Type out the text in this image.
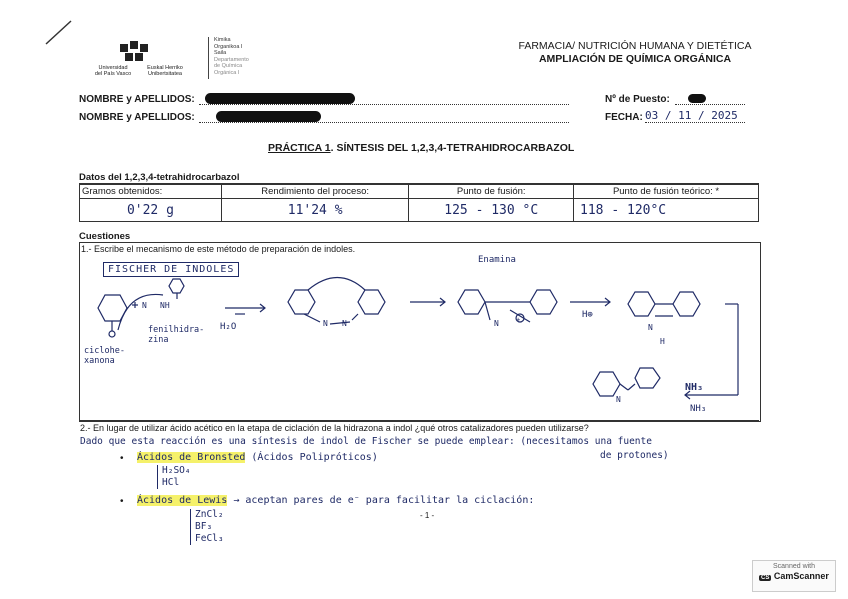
Universidad
del País Vasco
Euskal Herriko
Unibertsitatea
Kimika
Organikoa I
Saila
Departamento
de Química
Orgánica I
FARMACIA/ NUTRICIÓN HUMANA Y DIETÉTICA
AMPLIACIÓN DE QUÍMICA ORGÁNICA
NOMBRE y APELLIDOS:
NOMBRE y APELLIDOS:
Nº de Puesto:
FECHA: 03 / 11 / 2025
PRÁCTICA 1. SÍNTESIS DEL 1,2,3,4-TETRAHIDROCARBAZOL
Datos del 1,2,3,4-tetrahidrocarbazol
Gramos obtenidos:	Rendimiento del proceso:	Punto de fusión:	Punto de fusión teórico: *
0'22 g	11'24 %	125 - 130 °C	118 - 120°C
Cuestiones
1.- Escribe el mecanismo de este método de preparación de indoles.
FISCHER DE INDOLES
N NH
N N	N +
N
H
N
NH₃
Enamina
ciclohe-
xanona
fenilhidra-
zina
H₂O
H⊕
NH₃
2.- En lugar de utilizar ácido acético en la etapa de ciclación de la hidrazona a indol ¿qué otros catalizadores pueden utilizarse?
Dado que esta reacción es una síntesis de indol de Fischer se puede emplear: (necesitamos una fuente
de protones)
• Ácidos de Bronsted (Ácidos Polipróticos)
H₂SO₄
HCl
• Ácidos de Lewis → aceptan pares de e⁻ para facilitar la ciclación:
ZnCl₂
BF₃
FeCl₃
- 1 -
Scanned with
CS CamScanner
